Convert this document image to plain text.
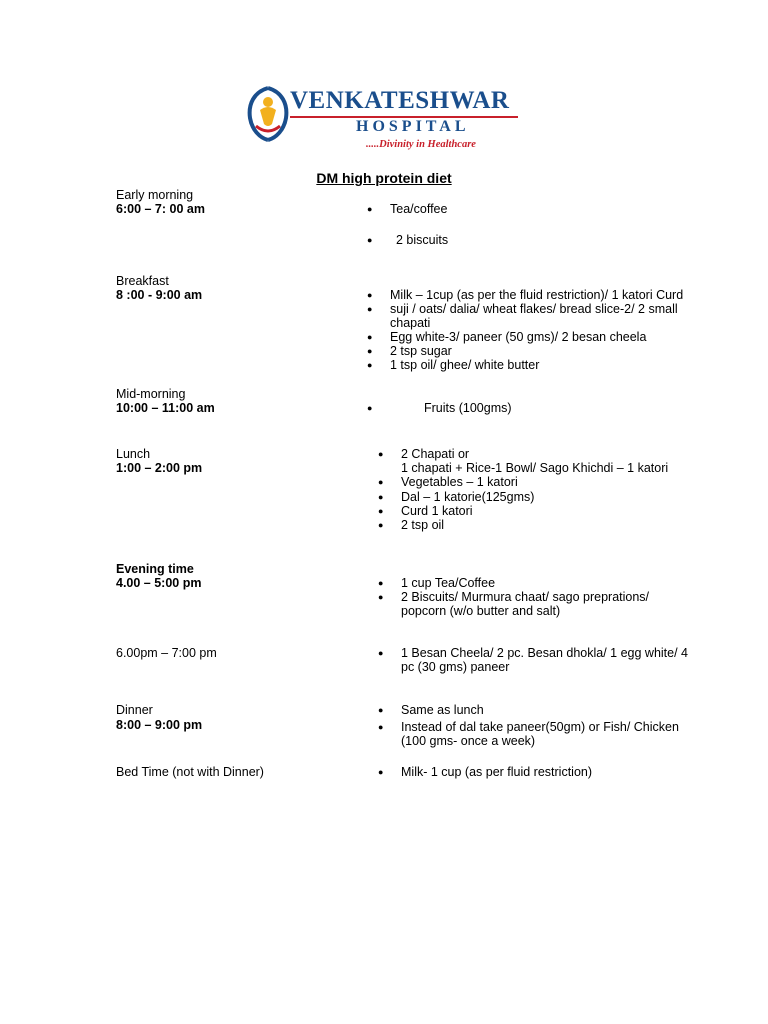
VENKATESHWAR
HOSPITAL
.....Divinity in Healthcare
DM high protein diet
Early morning
6:00 – 7: 00 am	● Tea/coffee
● 2 biscuits
Breakfast
8 :00 - 9:00 am	● Milk – 1cup (as per the fluid restriction)/ 1 katori Curd
● suji / oats/ dalia/ wheat flakes/ bread slice-2/ 2 small
chapati
● Egg white-3/ paneer (50 gms)/ 2 besan cheela
● 2 tsp sugar
● 1 tsp oil/ ghee/ white butter
Mid-morning
10:00 – 11:00 am	●	Fruits (100gms)
Lunch
1:00 – 2:00 pm
● 2 Chapati or
1 chapati + Rice-1 Bowl/ Sago Khichdi – 1 katori
● Vegetables – 1 katori
● Dal – 1 katorie(125gms)
● Curd 1 katori
● 2 tsp oil
Evening time
4.00 – 5:00 pm	● 1 cup Tea/Coffee
● 2 Biscuits/ Murmura chaat/ sago preprations/
popcorn (w/o butter and salt)
6.00pm – 7:00 pm	● 1 Besan Cheela/ 2 pc. Besan dhokla/ 1 egg white/ 4
pc (30 gms) paneer
Dinner
8:00 – 9:00 pm
● Same as lunch
● Instead of dal take paneer(50gm) or Fish/ Chicken
(100 gms- once a week)
Bed Time (not with Dinner)	● Milk- 1 cup (as per fluid restriction)
